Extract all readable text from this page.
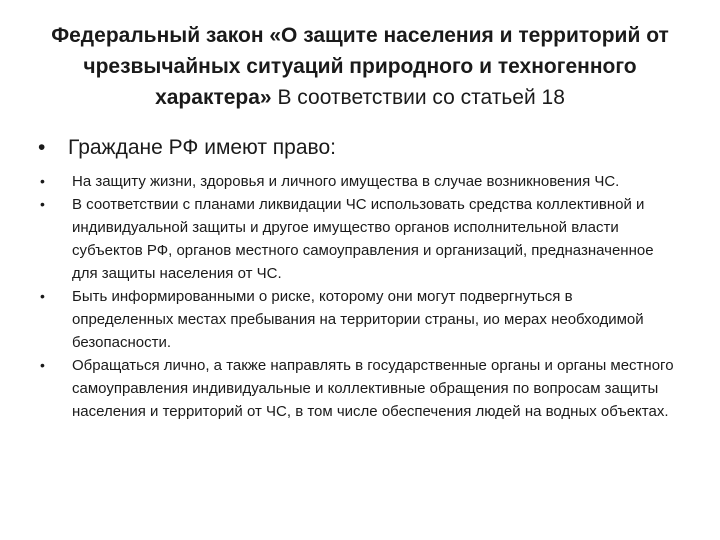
Федеральный закон «О защите населения и территорий от чрезвычайных ситуаций природного и техногенного характера» В соответствии со статьей 18
•	Граждане РФ имеют право:
•	На защиту жизни, здоровья и личного имущества в случае возникновения ЧС.
•	В соответствии с планами ликвидации ЧС использовать средства коллективной и индивидуальной защиты и другое имущество органов исполнительной власти субъектов РФ, органов местного самоуправления и организаций, предназначенное для защиты населения от ЧС.
•	Быть информированными о риске, которому они могут подвергнуться в определенных местах пребывания на территории страны, ио мерах необходимой безопасности.
•	Обращаться лично, а также направлять в государственные органы и органы местного самоуправления индивидуальные и коллективные обращения по вопросам защиты населения и территорий от ЧС, в том числе обеспечения людей на водных объектах.
